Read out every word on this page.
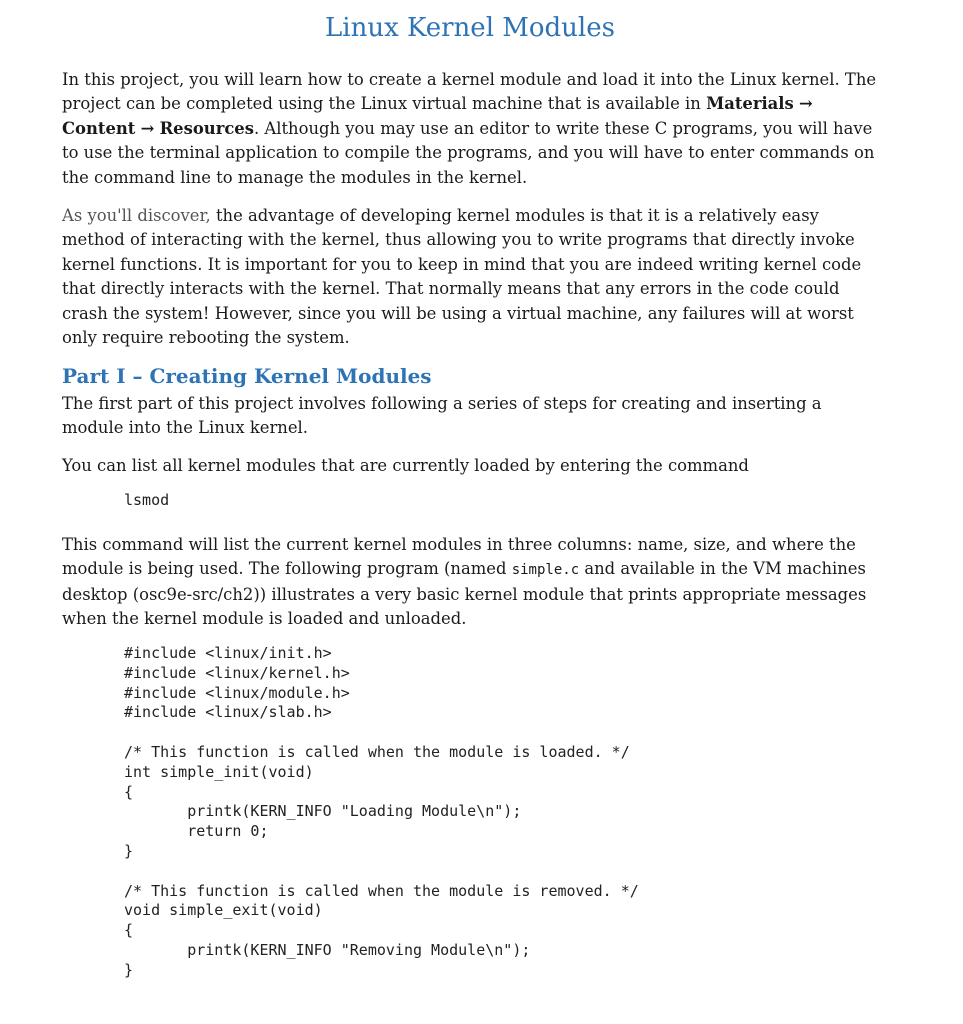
Linux Kernel Modules

In this project, you will learn how to create a kernel module and load it into the Linux kernel. The project can be completed using the Linux virtual machine that is available in Materials → Content → Resources. Although you may use an editor to write these C programs, you will have to use the terminal application to compile the programs, and you will have to enter commands on the command line to manage the modules in the kernel.

As you'll discover, the advantage of developing kernel modules is that it is a relatively easy method of interacting with the kernel, thus allowing you to write programs that directly invoke kernel functions. It is important for you to keep in mind that you are indeed writing kernel code that directly interacts with the kernel. That normally means that any errors in the code could crash the system! However, since you will be using a virtual machine, any failures will at worst only require rebooting the system.

Part I – Creating Kernel Modules

The first part of this project involves following a series of steps for creating and inserting a module into the Linux kernel.

You can list all kernel modules that are currently loaded by entering the command

lsmod

This command will list the current kernel modules in three columns: name, size, and where the module is being used. The following program (named simple.c and available in the VM machines desktop (osc9e-src/ch2)) illustrates a very basic kernel module that prints appropriate messages when the kernel module is loaded and unloaded.

#include <linux/init.h>
#include <linux/kernel.h>
#include <linux/module.h>
#include <linux/slab.h>

/* This function is called when the module is loaded. */
int simple_init(void)
{
printk(KERN_INFO "Loading Module\n");
return 0;
}

/* This function is called when the module is removed. */
void simple_exit(void)
{
printk(KERN_INFO "Removing Module\n");
}
